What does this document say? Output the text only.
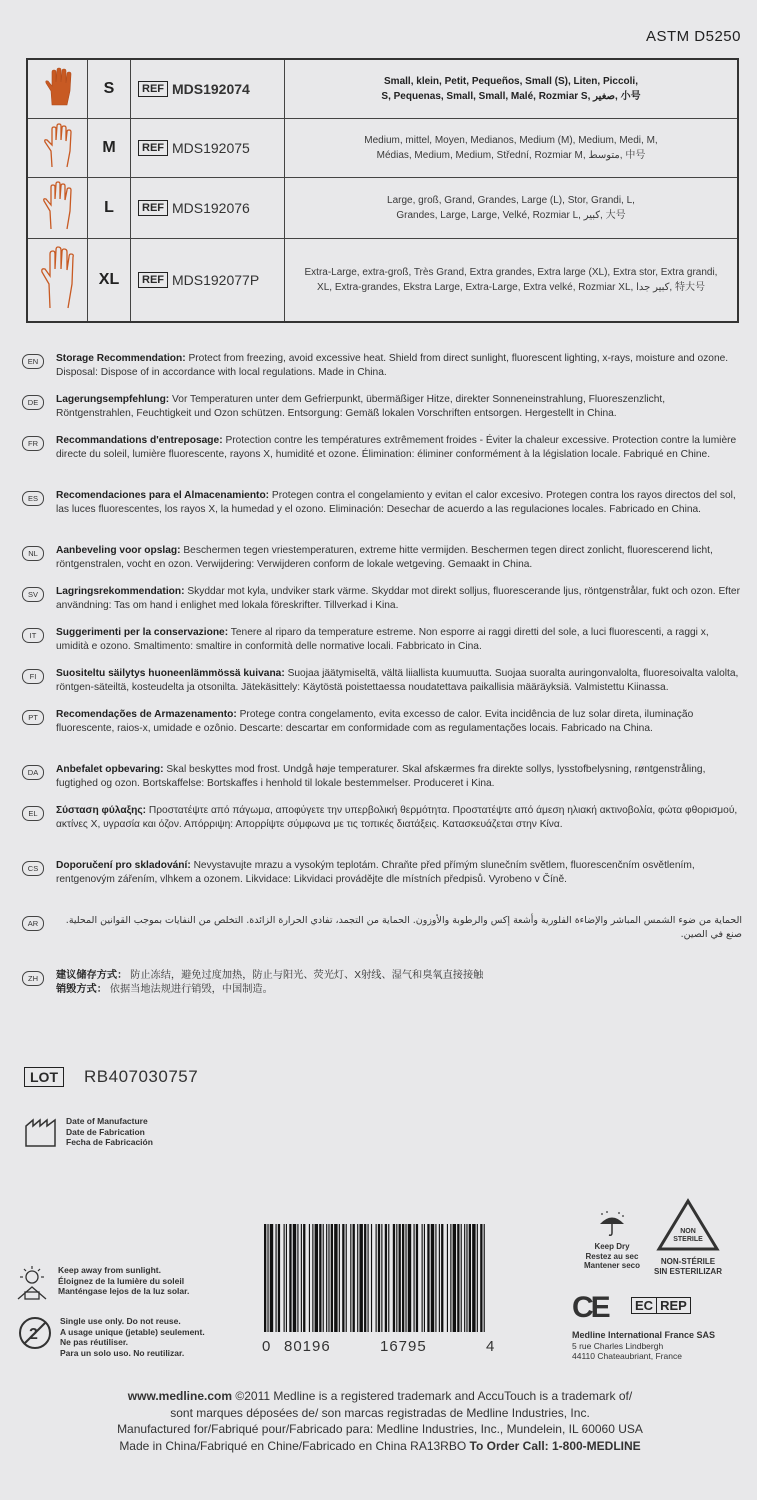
ASTM D5250
	S	REF MDS192074	Small, klein, Petit, Pequeños, Small (S), Liten, Piccoli,
S, Pequenas, Small, Small, Malé, Rozmiar S, صغير, 小号
	M	REF MDS192075	Medium, mittel, Moyen, Medianos, Medium (M), Medium, Medi, M,
Médias, Medium, Medium, Střední, Rozmiar M, متوسط, 中号
	L	REF MDS192076	Large, groß, Grand, Grandes, Large (L), Stor, Grandi, L,
Grandes, Large, Large, Velké, Rozmiar L, كبير, 大号
	XL	REF MDS192077P	Extra-Large, extra-groß, Très Grand, Extra grandes, Extra large (XL), Extra stor, Extra grandi,
XL, Extra-grandes, Ekstra Large, Extra-Large, Extra velké, Rozmiar XL, كبير جدا, 特大号
EN	Storage Recommendation: Protect from freezing, avoid excessive heat. Shield from direct sunlight, fluorescent lighting, x-rays, moisture and ozone. Disposal: Dispose of in accordance with local regulations. Made in China.
DE	Lagerungsempfehlung: Vor Temperaturen unter dem Gefrierpunkt, übermäßiger Hitze, direkter Sonneneinstrahlung, Fluoreszenzlicht, Röntgenstrahlen, Feuchtigkeit und Ozon schützen. Entsorgung: Gemäß lokalen Vorschriften entsorgen. Hergestellt in China.
FR	Recommandations d'entreposage: Protection contre les températures extrêmement froides - Éviter la chaleur excessive. Protection contre la lumière directe du soleil, lumière fluorescente, rayons X, humidité et ozone. Élimination: éliminer conformément à la législation locale. Fabriqué en Chine.
ES	Recomendaciones para el Almacenamiento: Protegen contra el congelamiento y evitan el calor excesivo. Protegen contra los rayos directos del sol, las luces fluorescentes, los rayos X, la humedad y el ozono. Eliminación: Desechar de acuerdo a las regulaciones locales. Fabricado en China.
NL	Aanbeveling voor opslag: Beschermen tegen vriestemperaturen, extreme hitte vermijden. Beschermen tegen direct zonlicht, fluorescerend licht, röntgenstralen, vocht en ozon. Verwijdering: Verwijderen conform de lokale wetgeving. Gemaakt in China.
SV	Lagringsrekommendation: Skyddar mot kyla, undviker stark värme. Skyddar mot direkt solljus, fluorescerande ljus, röntgenstrålar, fukt och ozon. Efter användning: Tas om hand i enlighet med lokala föreskrifter. Tillverkad i Kina.
IT	Suggerimenti per la conservazione: Tenere al riparo da temperature estreme. Non esporre ai raggi diretti del sole, a luci fluorescenti, a raggi x, umidità e ozono. Smaltimento: smaltire in conformità delle normative locali. Fabbricato in Cina.
FI	Suositeltu säilytys huoneenlämmössä kuivana: Suojaa jäätymiseltä, vältä liiallista kuumuutta. Suojaa suoralta auringonvalolta, fluoresoivalta valolta, röntgen-säteiltä, kosteudelta ja otsonilta. Jätekäsittely: Käytöstä poistettaessa noudatettava paikallisia määräyksiä. Valmistettu Kiinassa.
PT	Recomendações de Armazenamento: Protege contra congelamento, evita excesso de calor. Evita incidência de luz solar direta, iluminação fluorescente, raios-x, umidade e ozônio. Descarte: descartar em conformidade com as regulamentações locais. Fabricado na China.
DA	Anbefalet opbevaring: Skal beskyttes mod frost. Undgå høje temperaturer. Skal afskærmes fra direkte sollys, lysstofbelysning, røntgenstråling, fugtighed og ozon. Bortskaffelse: Bortskaffes i henhold til lokale bestemmelser. Produceret i Kina.
EL	Σύσταση φύλαξης: Προστατέψτε από πάγωμα, αποφύγετε την υπερβολική θερμότητα. Προστατέψτε από άμεση ηλιακή ακτινοβολία, φώτα φθορισμού, ακτίνες Χ, υγρασία και όζον. Απόρριψη: Απορρίψτε σύμφωνα με τις τοπικές διατάξεις. Κατασκευάζεται στην Κίνα.
CS	Doporučení pro skladování: Nevystavujte mrazu a vysokým teplotám. Chraňte před přímým slunečním světlem, fluorescenčním osvětlením, rentgenovým zářením, vlhkem a ozonem. Likvidace: Likvidaci provádějte dle místních předpisů. Vyrobeno v Číně.
AR	الحماية من ضوء الشمس المباشر والإضاءة الفلورية وأشعة إكس والرطوبة والأوزون. الحماية من التجمد، تفادي الحرارة الزائدة. التخلص من النفايات بموجب القوانين المحلية. صنع في الصين.
ZH	建议储存方式： 防止冻结，避免过度加热，防止与阳光、荧光灯、X射线、湿气和臭氧直接接触
销毁方式： 依据当地法规进行销毁，中国制造。
LOT	RB407030757
Date of Manufacture
Date de Fabrication
Fecha de Fabricación
Keep away from sunlight.
Éloignez de la lumière du soleil
Manténgase lejos de la luz solar.
2
Single use only. Do not reuse.
A usage unique (jetable) seulement.
Ne pas réutiliser.
Para un solo uso. No reutilizar.	0 80196	16795	4
Keep Dry
Restez au sec
Mantener seco
NON
STERILE
NON-STÉRILE
SIN ESTERILIZAR
CE EC REP
Medline International France SAS
5 rue Charles Lindbergh
44110 Chateaubriant, France
www.medline.com ©2011 Medline is a registered trademark and AccuTouch is a trademark of/
sont marques déposées de/ son marcas registradas de Medline Industries, Inc.
Manufactured for/Fabriqué pour/Fabricado para: Medline Industries, Inc., Mundelein, IL 60060 USA
Made in China/Fabriqué en Chine/Fabricado en China RA13RBO To Order Call: 1-800-MEDLINE
